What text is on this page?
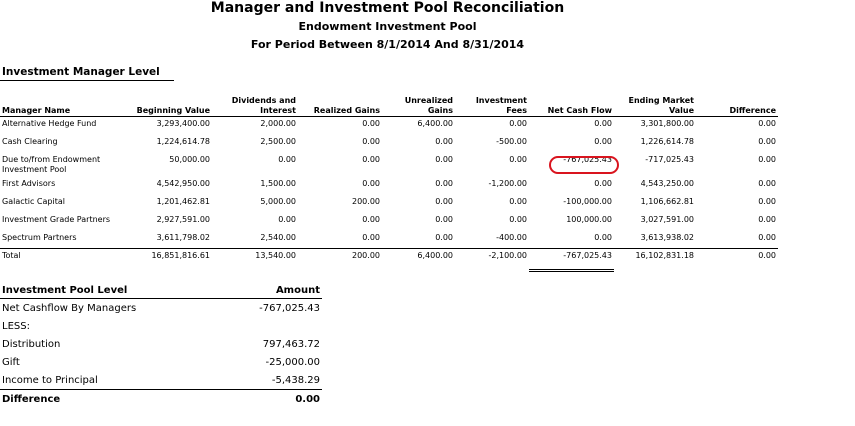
Manager and Investment Pool Reconciliation
Endowment Investment Pool
For Period Between 8/1/2014 And 8/31/2014
Investment Manager Level
Manager Name	Beginning Value	Dividends and Interest	Realized Gains	Unrealized Gains	Investment Fees	Net Cash Flow	Ending Market Value	Difference
Alternative Hedge Fund	3,293,400.00	2,000.00	0.00	6,400.00	0.00	0.00	3,301,800.00	0.00
Cash Clearing	1,224,614.78	2,500.00	0.00	0.00	-500.00	0.00	1,226,614.78	0.00
Due to/from Endowment Investment Pool	50,000.00	0.00	0.00	0.00	0.00	-767,025.43	-717,025.43	0.00
First Advisors	4,542,950.00	1,500.00	0.00	0.00	-1,200.00	0.00	4,543,250.00	0.00
Galactic Capital	1,201,462.81	5,000.00	200.00	0.00	0.00	-100,000.00	1,106,662.81	0.00
Investment Grade Partners	2,927,591.00	0.00	0.00	0.00	0.00	100,000.00	3,027,591.00	0.00
Spectrum Partners	3,611,798.02	2,540.00	0.00	0.00	-400.00	0.00	3,613,938.02	0.00
Total	16,851,816.61	13,540.00	200.00	6,400.00	-2,100.00	-767,025.43	16,102,831.18	0.00
Investment Pool Level	Amount
Net Cashflow By Managers	-767,025.43
LESS:	
Distribution	797,463.72
Gift	-25,000.00
Income to Principal	-5,438.29
Difference	0.00
